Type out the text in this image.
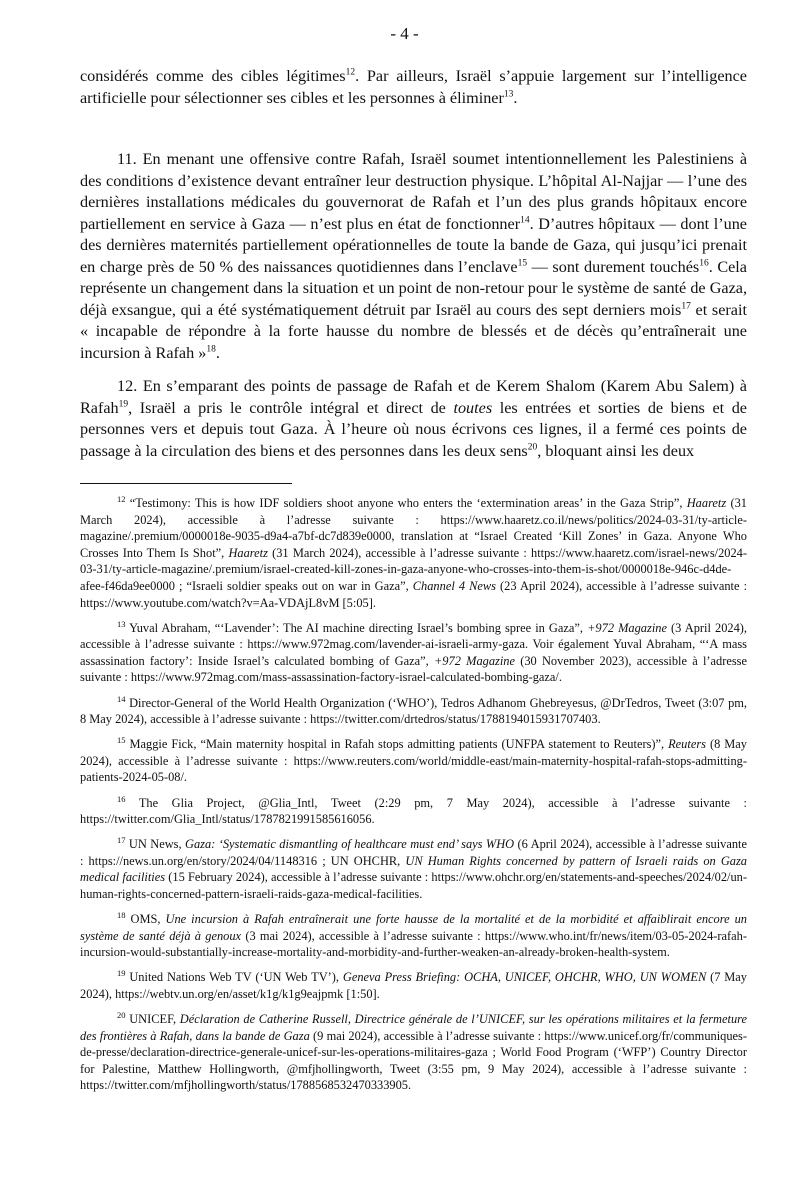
- 4 -
considérés comme des cibles légitimes$^{12}$. Par ailleurs, Israël s’appuie largement sur l’intelligence artificielle pour sélectionner ses cibles et les personnes à éliminer$^{13}$.
11. En menant une offensive contre Rafah, Israël soumet intentionnellement les Palestiniens à des conditions d’existence devant entraîner leur destruction physique. L’hôpital Al-Najjar — l’une des dernières installations médicales du gouvernorat de Rafah et l’un des plus grands hôpitaux encore partiellement en service à Gaza — n’est plus en état de fonctionner$^{14}$. D’autres hôpitaux — dont l’une des dernières maternités partiellement opérationnelles de toute la bande de Gaza, qui jusqu’ici prenait en charge près de 50 % des naissances quotidiennes dans l’enclave$^{15}$ — sont durement touchés$^{16}$. Cela représente un changement dans la situation et un point de non-retour pour le système de santé de Gaza, déjà exsangue, qui a été systématiquement détruit par Israël au cours des sept derniers mois$^{17}$ et serait « incapable de répondre à la forte hausse du nombre de blessés et de décès qu’entraînerait une incursion à Rafah »$^{18}$.
12. En s’emparant des points de passage de Rafah et de Kerem Shalom (Karem Abu Salem) à Rafah$^{19}$, Israël a pris le contrôle intégral et direct de toutes les entrées et sorties de biens et de personnes vers et depuis tout Gaza. À l’heure où nous écrivons ces lignes, il a fermé ces points de passage à la circulation des biens et des personnes dans les deux sens$^{20}$, bloquant ainsi les deux

$^{12}$ “Testimony: This is how IDF soldiers shoot anyone who enters the ‘extermination areas’ in the Gaza Strip”, Haaretz (31 March 2024), accessible à l’adresse suivante : https://www.haaretz.co.il/news/politics/2024-03-31/ty-article-magazine/.premium/0000018e-9035-d9a4-a7bf-dc7d839e0000, translation at “Israel Created ‘Kill Zones’ in Gaza. Anyone Who Crosses Into Them Is Shot”, Haaretz (31 March 2024), accessible à l’adresse suivante : https://www.haaretz.com/israel-news/2024-03-31/ty-article-magazine/.premium/israel-created-kill-zones-in-gaza-anyone-who-crosses-into-them-is-shot/0000018e-946c-d4de-afee-f46da9ee0000 ; “Israeli soldier speaks out on war in Gaza”, Channel 4 News (23 April 2024), accessible à l’adresse suivante : https://www.youtube.com/watch?v=Aa-VDAjL8vM [5:05].

$^{13}$ Yuval Abraham, “‘Lavender’: The AI machine directing Israel’s bombing spree in Gaza”, +972 Magazine (3 April 2024), accessible à l’adresse suivante : https://www.972mag.com/lavender-ai-israeli-army-gaza. Voir également Yuval Abraham, “‘A mass assassination factory’: Inside Israel’s calculated bombing of Gaza”, +972 Magazine (30 November 2023), accessible à l’adresse suivante : https://www.972mag.com/mass-assassination-factory-israel-calculated-bombing-gaza/.

$^{14}$ Director-General of the World Health Organization (‘WHO’), Tedros Adhanom Ghebreyesus, @DrTedros, Tweet (3:07 pm, 8 May 2024), accessible à l’adresse suivante : https://twitter.com/drtedros/status/1788194015931707403.

$^{15}$ Maggie Fick, “Main maternity hospital in Rafah stops admitting patients (UNFPA statement to Reuters)”, Reuters (8 May 2024), accessible à l’adresse suivante : https://www.reuters.com/world/middle-east/main-maternity-hospital-rafah-stops-admitting-patients-2024-05-08/.

$^{16}$ The Glia Project, @Glia_Intl, Tweet (2:29 pm, 7 May 2024), accessible à l’adresse suivante : https://twitter.com/Glia_Intl/status/1787821991585616056.

$^{17}$ UN News, Gaza: ‘Systematic dismantling of healthcare must end’ says WHO (6 April 2024), accessible à l’adresse suivante : https://news.un.org/en/story/2024/04/1148316 ; UN OHCHR, UN Human Rights concerned by pattern of Israeli raids on Gaza medical facilities (15 February 2024), accessible à l’adresse suivante : https://www.ohchr.org/en/statements-and-speeches/2024/02/un-human-rights-concerned-pattern-israeli-raids-gaza-medical-facilities.

$^{18}$ OMS, Une incursion à Rafah entraînerait une forte hausse de la mortalité et de la morbidité et affaiblirait encore un système de santé déjà à genoux (3 mai 2024), accessible à l’adresse suivante : https://www.who.int/fr/news/item/03-05-2024-rafah-incursion-would-substantially-increase-mortality-and-morbidity-and-further-weaken-an-already-broken-health-system.

$^{19}$ United Nations Web TV (‘UN Web TV’), Geneva Press Briefing: OCHA, UNICEF, OHCHR, WHO, UN WOMEN (7 May 2024), https://webtv.un.org/en/asset/k1g/k1g9eajpmk [1:50].

$^{20}$ UNICEF, Déclaration de Catherine Russell, Directrice générale de l’UNICEF, sur les opérations militaires et la fermeture des frontières à Rafah, dans la bande de Gaza (9 mai 2024), accessible à l’adresse suivante : https://www.unicef.org/fr/communiques-de-presse/declaration-directrice-generale-unicef-sur-les-operations-militaires-gaza ; World Food Program (‘WFP’) Country Director for Palestine, Matthew Hollingworth, @mfjhollingworth, Tweet (3:55 pm, 9 May 2024), accessible à l’adresse suivante : https://twitter.com/mfjhollingworth/status/1788568532470333905.
